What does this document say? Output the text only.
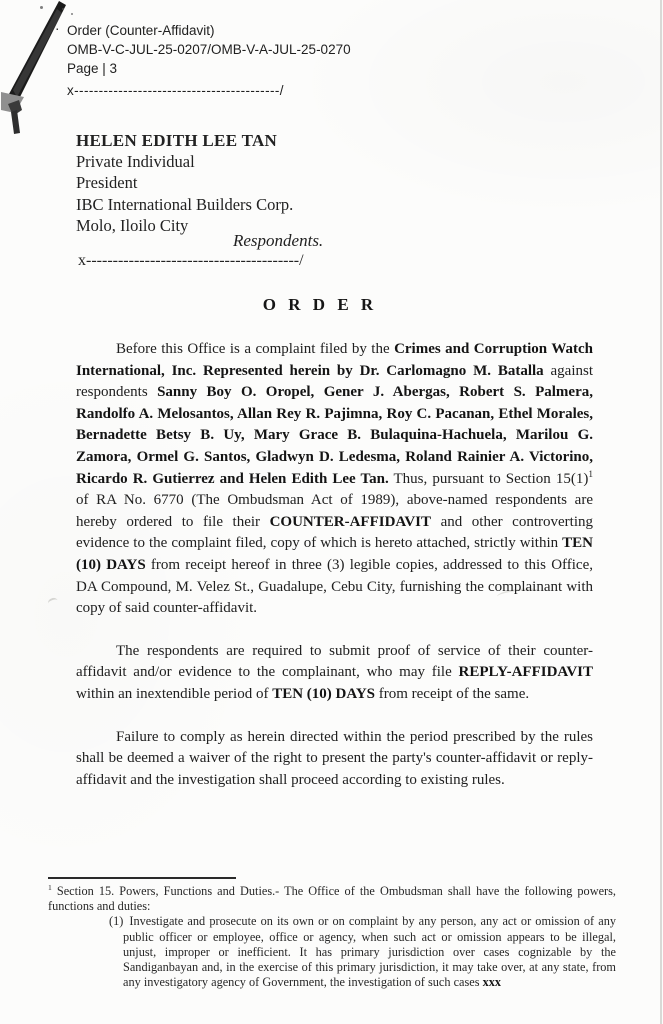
· Order (Counter-Affidavit)
OMB-V-C-JUL-25-0207/OMB-V-A-JUL-25-0270
Page | 3
x------------------------------------------/
HELEN EDITH LEE TAN
Private Individual
President
IBC International Builders Corp.
Molo, Iloilo City
Respondents.
x----------------------------------------/
O R D E R

Before this Office is a complaint filed by the Crimes and Corruption Watch International, Inc. Represented herein by Dr. Carlomagno M. Batalla against respondents Sanny Boy O. Oropel, Gener J. Abergas, Robert S. Palmera, Randolfo A. Melosantos, Allan Rey R. Pajimna, Roy C. Pacanan, Ethel Morales, Bernadette Betsy B. Uy, Mary Grace B. Bulaquina-Hachuela, Marilou G. Zamora, Ormel G. Santos, Gladwyn D. Ledesma, Roland Rainier A. Victorino, Ricardo R. Gutierrez and Helen Edith Lee Tan. Thus, pursuant to Section $15(1)^1$ of RA No. 6770 (The Ombudsman Act of 1989), above-named respondents are hereby ordered to file their COUNTER-AFFIDAVIT and other controverting evidence to the complaint filed, copy of which is hereto attached, strictly within TEN (10) DAYS from receipt hereof in three (3) legible copies, addressed to this Office, DA Compound, M. Velez St., Guadalupe, Cebu City, furnishing the complainant with copy of said counter-affidavit.

The respondents are required to submit proof of service of their counter-affidavit and/or evidence to the complainant, who may file REPLY-AFFIDAVIT within an inextendible period of TEN (10) DAYS from receipt of the same.

Failure to comply as herein directed within the period prescribed by the rules shall be deemed a waiver of the right to present the party's counter-affidavit or reply-affidavit and the investigation shall proceed according to existing rules.

$^1$ Section 15. Powers, Functions and Duties.- The Office of the Ombudsman shall have the following powers, functions and duties:
(1) Investigate and prosecute on its own or on complaint by any person, any act or omission of any public officer or employee, office or agency, when such act or omission appears to be illegal, unjust, improper or inefficient. It has primary jurisdiction over cases cognizable by the Sandiganbayan and, in the exercise of this primary jurisdiction, it may take over, at any state, from any investigatory agency of Government, the investigation of such cases xxx
